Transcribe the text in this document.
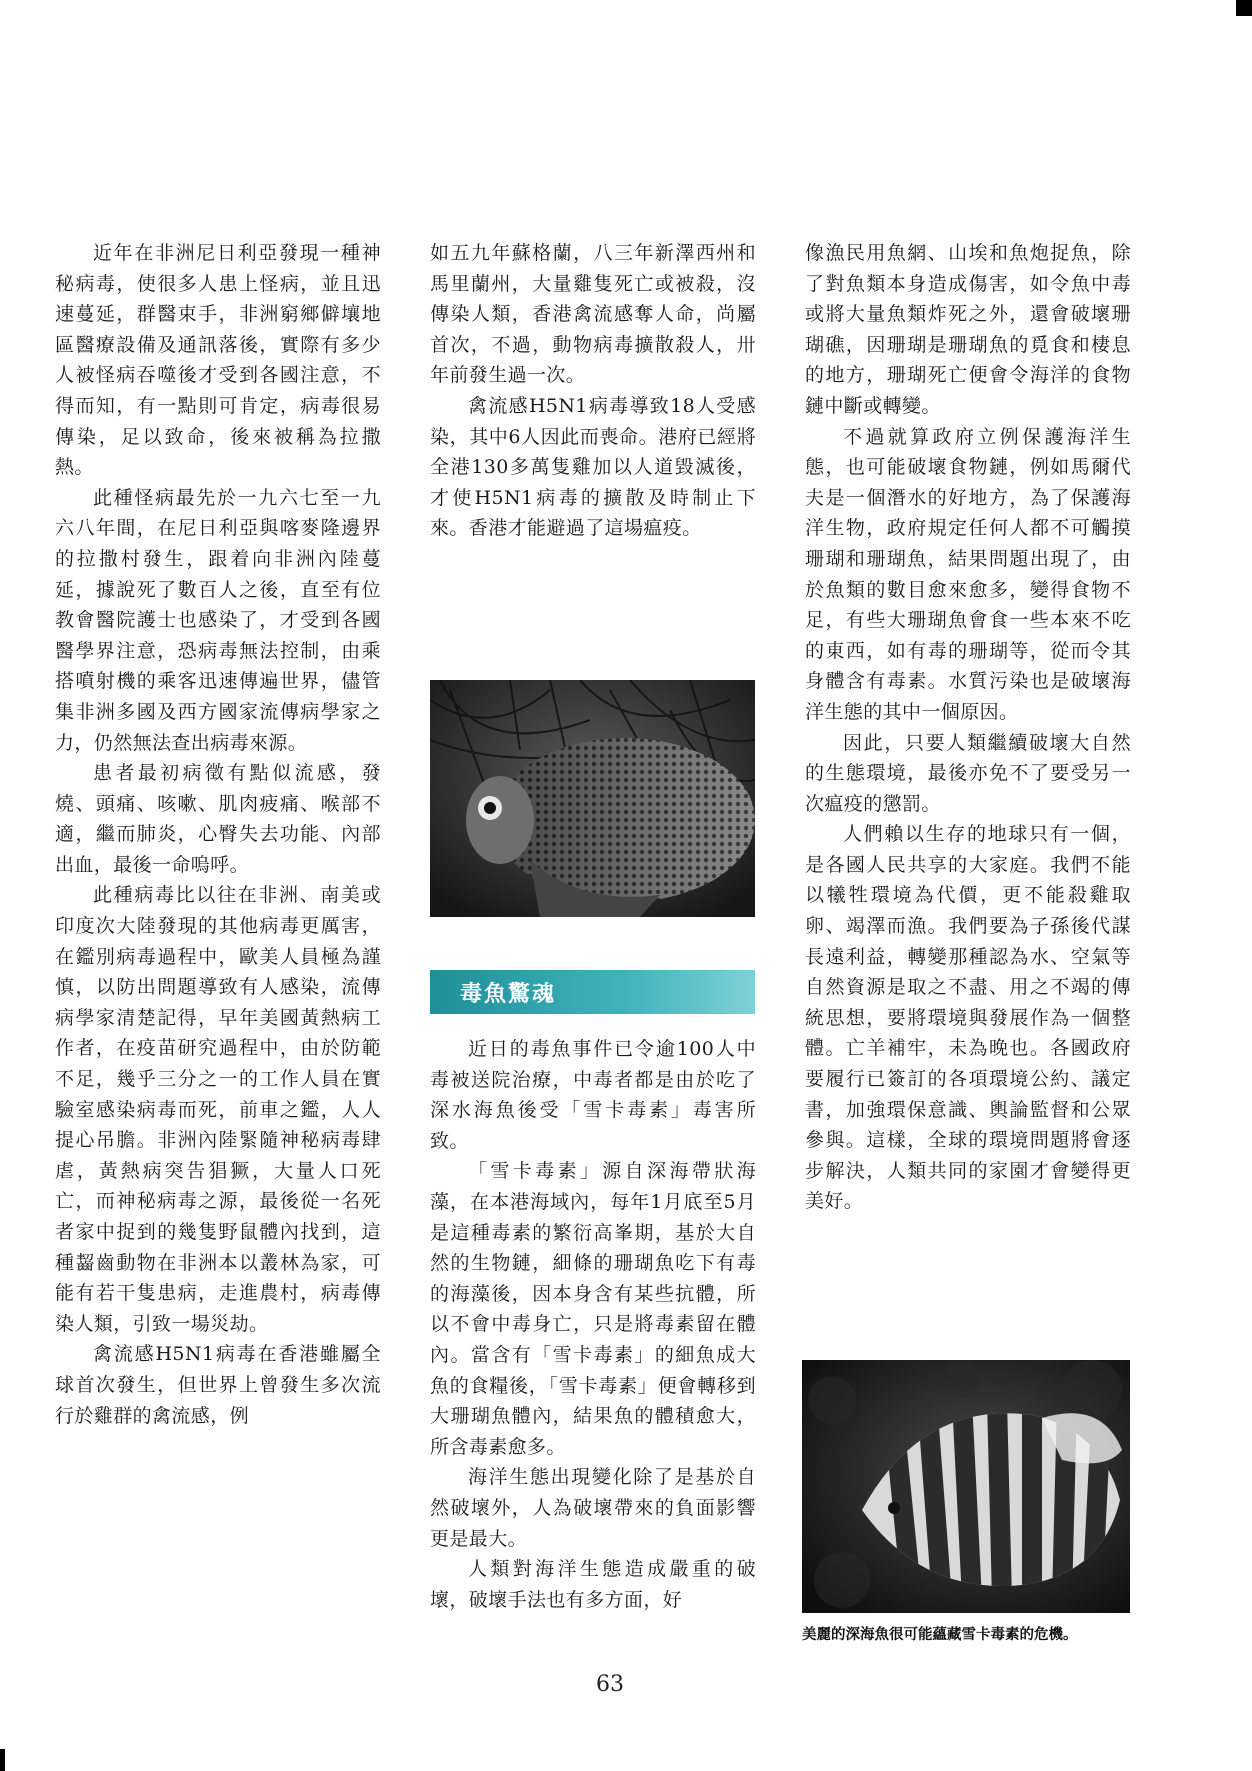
近年在非洲尼日利亞發現一種神秘病毒，使很多人患上怪病，並且迅速蔓延，群醫束手，非洲窮鄉僻壤地區醫療設備及通訊落後，實際有多少人被怪病吞噬後才受到各國注意，不得而知，有一點則可肯定，病毒很易傳染，足以致命，後來被稱為拉撒熱。

此種怪病最先於一九六七至一九六八年間，在尼日利亞與喀麥隆邊界的拉撒村發生，跟着向非洲內陸蔓延，據說死了數百人之後，直至有位教會醫院護士也感染了，才受到各國醫學界注意，恐病毒無法控制，由乘搭噴射機的乘客迅速傳遍世界，儘管集非洲多國及西方國家流傳病學家之力，仍然無法查出病毒來源。

患者最初病徵有點似流感，發燒、頭痛、咳嗽、肌肉疲痛、喉部不適，繼而肺炎，心臀失去功能、內部出血，最後一命嗚呼。

此種病毒比以往在非洲、南美或印度次大陸發現的其他病毒更厲害，在鑑別病毒過程中，歐美人員極為謹慎，以防出問題導致有人感染，流傳病學家清楚記得，早年美國黃熱病工作者，在疫苗研究過程中，由於防範不足，幾乎三分之一的工作人員在實驗室感染病毒而死，前車之鑑，人人提心吊膽。非洲內陸緊隨神秘病毒肆虐，黃熱病突告猖獗，大量人口死亡，而神秘病毒之源，最後從一名死者家中捉到的幾隻野鼠體內找到，這種齧齒動物在非洲本以叢林為家，可能有若干隻患病，走進農村，病毒傳染人類，引致一場災劫。

禽流感H5N1病毒在香港雖屬全球首次發生，但世界上曾發生多次流行於雞群的禽流感，例

如五九年蘇格蘭，八三年新澤西州和馬里蘭州，大量雞隻死亡或被殺，沒傳染人類，香港禽流感奪人命，尚屬首次，不過，動物病毒擴散殺人，卅年前發生過一次。

禽流感H5N1病毒導致18人受感染，其中6人因此而喪命。港府已經將全港130多萬隻雞加以人道毀滅後，才使H5N1病毒的擴散及時制止下來。香港才能避過了這場瘟疫。

毒魚驚魂

近日的毒魚事件已令逾100人中毒被送院治療，中毒者都是由於吃了深水海魚後受「雪卡毒素」毒害所致。

「雪卡毒素」源自深海帶狀海藻，在本港海域內，每年1月底至5月是這種毒素的繁衍高峯期，基於大自然的生物鏈，細條的珊瑚魚吃下有毒的海藻後，因本身含有某些抗體，所以不會中毒身亡，只是將毒素留在體內。當含有「雪卡毒素」的細魚成大魚的食糧後，「雪卡毒素」便會轉移到大珊瑚魚體內，結果魚的體積愈大，所含毒素愈多。

海洋生態出現變化除了是基於自然破壞外，人為破壞帶來的負面影響更是最大。

人類對海洋生態造成嚴重的破壞，破壞手法也有多方面，好

像漁民用魚網、山埃和魚炮捉魚，除了對魚類本身造成傷害，如令魚中毒或將大量魚類炸死之外，還會破壞珊瑚礁，因珊瑚是珊瑚魚的覓食和棲息的地方，珊瑚死亡便會令海洋的食物鏈中斷或轉變。

不過就算政府立例保護海洋生態，也可能破壞食物鏈，例如馬爾代夫是一個潛水的好地方，為了保護海洋生物，政府規定任何人都不可觸摸珊瑚和珊瑚魚，結果問題出現了，由於魚類的數目愈來愈多，變得食物不足，有些大珊瑚魚會食一些本來不吃的東西，如有毒的珊瑚等，從而令其身體含有毒素。水質污染也是破壞海洋生態的其中一個原因。

因此，只要人類繼續破壞大自然的生態環境，最後亦免不了要受另一次瘟疫的懲罰。

人們賴以生存的地球只有一個，是各國人民共享的大家庭。我們不能以犧牲環境為代價，更不能殺雞取卵、竭澤而漁。我們要為子孫後代謀長遠利益，轉變那種認為水、空氣等自然資源是取之不盡、用之不竭的傳統思想，要將環境與發展作為一個整體。亡羊補牢，未為晚也。各國政府要履行已簽訂的各項環境公約、議定書，加強環保意識、輿論監督和公眾參與。這樣，全球的環境問題將會逐步解決，人類共同的家園才會變得更美好。

美麗的深海魚很可能蘊藏雪卡毒素的危機。
63
